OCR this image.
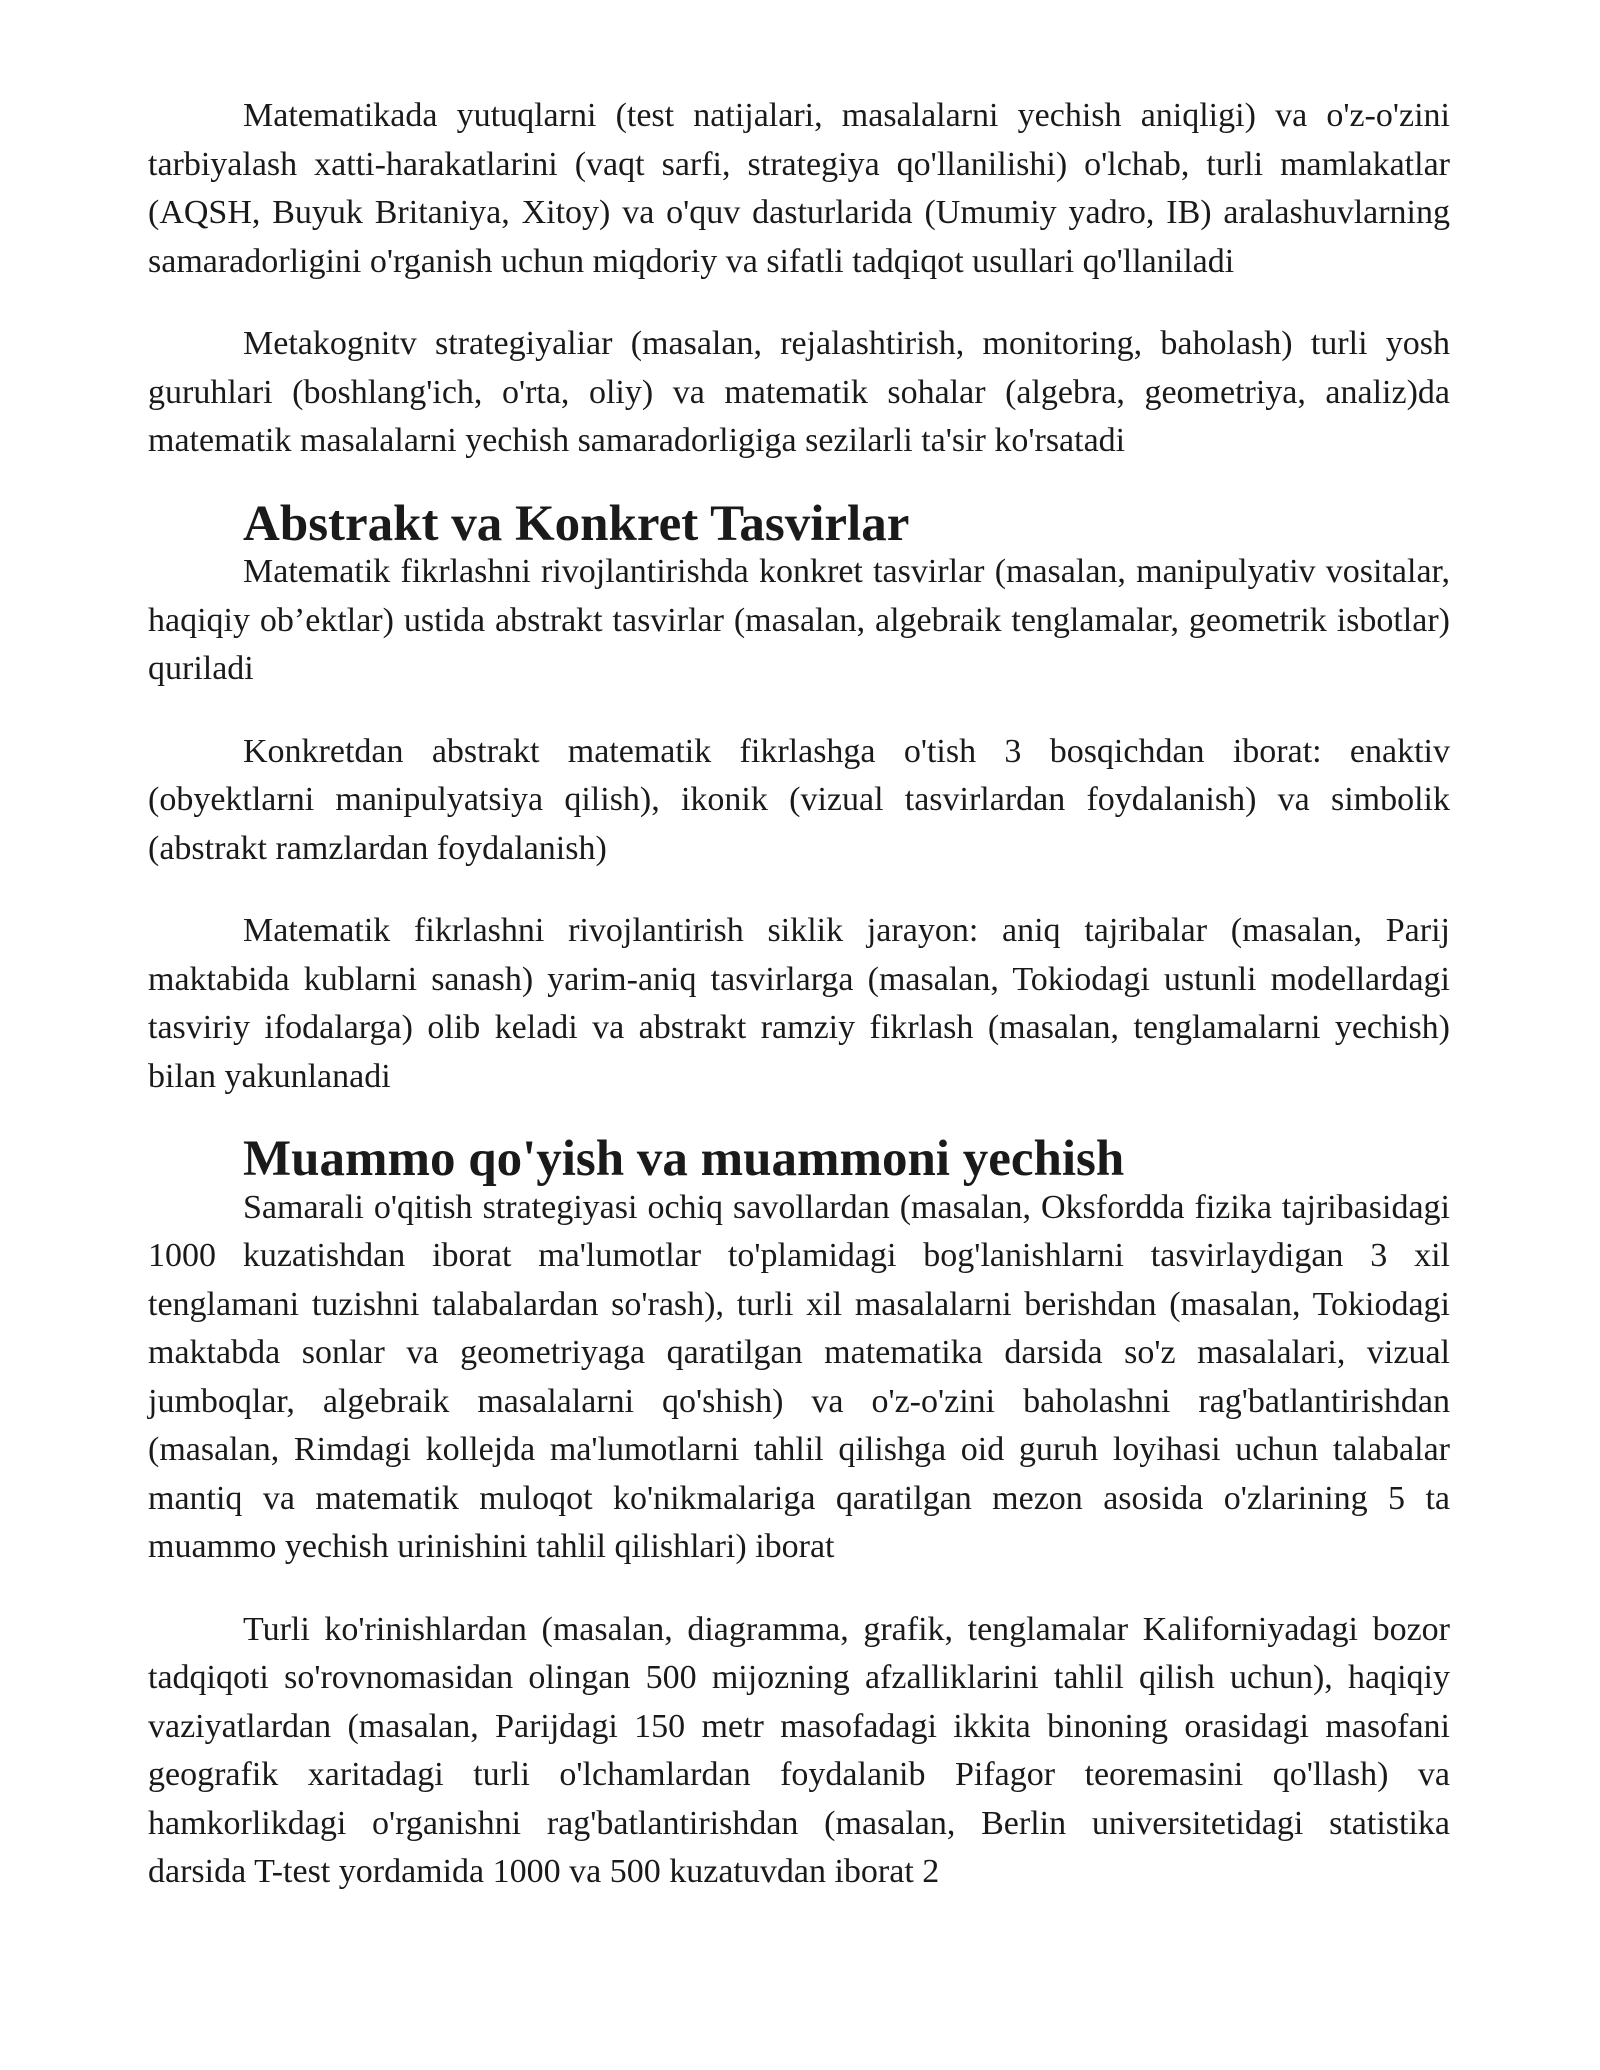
Matematikada yutuqlarni (test natijalari, masalalarni yechish aniqligi) va o'z-o'zini tarbiyalash xatti-harakatlarini (vaqt sarfi, strategiya qo'llanilishi) o'lchab, turli mamlakatlar (AQSH, Buyuk Britaniya, Xitoy) va o'quv dasturlarida (Umumiy yadro, IB) aralashuvlarning samaradorligini o'rganish uchun miqdoriy va sifatli tadqiqot usullari qo'llaniladi

Metakognitv strategiyaliar (masalan, rejalashtirish, monitoring, baholash) turli yosh guruhlari (boshlang'ich, o'rta, oliy) va matematik sohalar (algebra, geometriya, analiz)da matematik masalalarni yechish samaradorligiga sezilarli ta'sir ko'rsatadi

Abstrakt va Konkret Tasvirlar

Matematik fikrlashni rivojlantirishda konkret tasvirlar (masalan, manipulyativ vositalar, haqiqiy ob’ektlar) ustida abstrakt tasvirlar (masalan, algebraik tenglamalar, geometrik isbotlar) quriladi

Konkretdan abstrakt matematik fikrlashga o'tish 3 bosqichdan iborat: enaktiv (obyektlarni manipulyatsiya qilish), ikonik (vizual tasvirlardan foydalanish) va simbolik (abstrakt ramzlardan foydalanish)

Matematik fikrlashni rivojlantirish siklik jarayon: aniq tajribalar (masalan, Parij maktabida kublarni sanash) yarim-aniq tasvirlarga (masalan, Tokiodagi ustunli modellardagi tasviriy ifodalarga) olib keladi va abstrakt ramziy fikrlash (masalan, tenglamalarni yechish) bilan yakunlanadi

Muammo qo'yish va muammoni yechish

Samarali o'qitish strategiyasi ochiq savollardan (masalan, Oksfordda fizika tajribasidagi 1000 kuzatishdan iborat ma'lumotlar to'plamidagi bog'lanishlarni tasvirlaydigan 3 xil tenglamani tuzishni talabalardan so'rash), turli xil masalalarni berishdan (masalan, Tokiodagi maktabda sonlar va geometriyaga qaratilgan matematika darsida so'z masalalari, vizual jumboqlar, algebraik masalalarni qo'shish) va o'z-o'zini baholashni rag'batlantirishdan (masalan, Rimdagi kollejda ma'lumotlarni tahlil qilishga oid guruh loyihasi uchun talabalar mantiq va matematik muloqot ko'nikmalariga qaratilgan mezon asosida o'zlarining 5 ta muammo yechish urinishini tahlil qilishlari) iborat

Turli ko'rinishlardan (masalan, diagramma, grafik, tenglamalar Kaliforniyadagi bozor tadqiqoti so'rovnomasidan olingan 500 mijozning afzalliklarini tahlil qilish uchun), haqiqiy vaziyatlardan (masalan, Parijdagi 150 metr masofadagi ikkita binoning orasidagi masofani geografik xaritadagi turli o'lchamlardan foydalanib Pifagor teoremasini qo'llash) va hamkorlikdagi o'rganishni rag'batlantirishdan (masalan, Berlin universitetidagi statistika darsida T-test yordamida 1000 va 500 kuzatuvdan iborat 2
